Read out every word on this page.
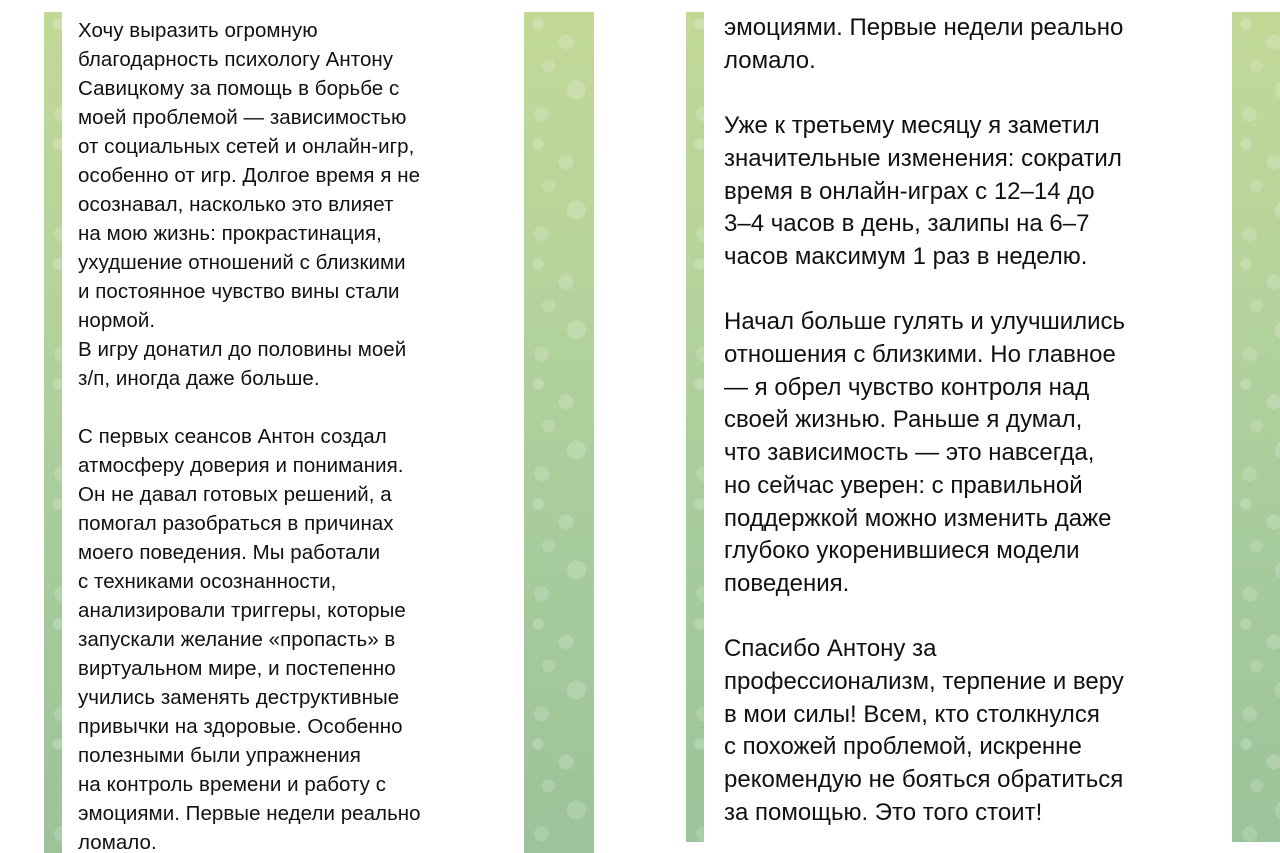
Хочу выразить огромную
благодарность психологу Антону
Савицкому за помощь в борьбе с
моей проблемой — зависимостью
от социальных сетей и онлайн-игр,
особенно от игр. Долгое время я не
осознавал, насколько это влияет
на мою жизнь: прокрастинация,
ухудшение отношений с близкими
и постоянное чувство вины стали
нормой.
В игру донатил до половины моей
з/п, иногда даже больше.

С первых сеансов Антон создал
атмосферу доверия и понимания.
Он не давал готовых решений, а
помогал разобраться в причинах
моего поведения. Мы работали
с техниками осознанности,
анализировали триггеры, которые
запускали желание «пропасть» в
виртуальном мире, и постепенно
учились заменять деструктивные
привычки на здоровые. Особенно
полезными были упражнения
на контроль времени и работу с
эмоциями. Первые недели реально
ломало.

эмоциями. Первые недели реально
ломало.

Уже к третьему месяцу я заметил
значительные изменения: сократил
время в онлайн-играх с 12–14 до
3–4 часов в день, залипы на 6–7
часов максимум 1 раз в неделю.

Начал больше гулять и улучшились
отношения с близкими. Но главное
— я обрел чувство контроля над
своей жизнью. Раньше я думал,
что зависимость — это навсегда,
но сейчас уверен: с правильной
поддержкой можно изменить даже
глубоко укоренившиеся модели
поведения.

Спасибо Антону за
профессионализм, терпение и веру
в мои силы! Всем, кто столкнулся
с похожей проблемой, искренне
рекомендую не бояться обратиться
за помощью. Это того стоит!
